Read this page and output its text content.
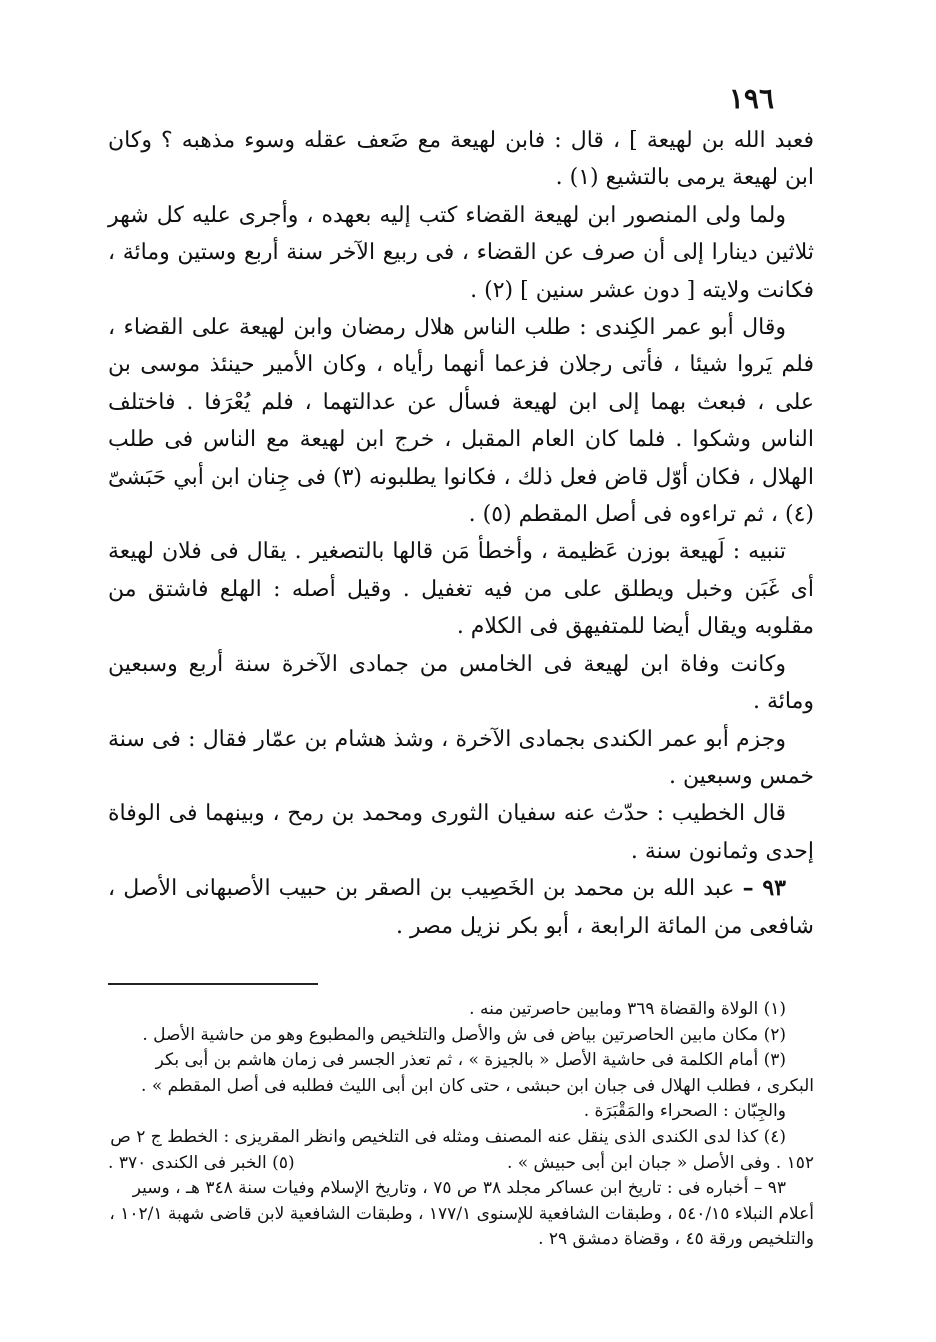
١٩٦

فعبد الله بن لهيعة ] ، قال : فابن لهيعة مع ضَعف عقله وسوء مذهبه ؟ وكان ابن لهيعة يرمى بالتشيع (١) .

ولما ولى المنصور ابن لهيعة القضاء كتب إليه بعهده ، وأجرى عليه كل شهر ثلاثين دينارا إلى أن صرف عن القضاء ، فى ربيع الآخر سنة أربع وستين ومائة ، فكانت ولايته [ دون عشر سنين ] (٢) .

وقال أبو عمر الكِندى : طلب الناس هلال رمضان وابن لهيعة على القضاء ، فلم يَروا شيئا ، فأتى رجلان فزعما أنهما رأياه ، وكان الأمير حينئذ موسى بن على ، فبعث بهما إلى ابن لهيعة فسأل عن عدالتهما ، فلم يُعْرَفا . فاختلف الناس وشكوا . فلما كان العام المقبل ، خرج ابن لهيعة مع الناس فى طلب الهلال ، فكان أوّل قاض فعل ذلك ، فكانوا يطلبونه (٣) فى جِنان ابن أبي حَبَشىّ (٤) ، ثم تراءوه فى أصل المقطم (٥) .

تنبيه : لَهيعة بوزن عَظيمة ، وأخطأ مَن قالها بالتصغير . يقال فى فلان لهيعة أى غَبَن وخبل ويطلق على من فيه تغفيل . وقيل أصله : الهلع فاشتق من مقلوبه ويقال أيضا للمتفيهق فى الكلام .

وكانت وفاة ابن لهيعة فى الخامس من جمادى الآخرة سنة أربع وسبعين ومائة .

وجزم أبو عمر الكندى بجمادى الآخرة ، وشذ هشام بن عمّار فقال : فى سنة خمس وسبعين .

قال الخطيب : حدّث عنه سفيان الثورى ومحمد بن رمح ، وبينهما فى الوفاة إحدى وثمانون سنة .

٩٣ – عبد الله بن محمد بن الخَصِيب بن الصقر بن حبيب الأصبهانى الأصل ، شافعى من المائة الرابعة ، أبو بكر نزيل مصر .

(١) الولاة والقضاة ٣٦٩ ومابين حاصرتين منه .

(٢) مكان مابين الحاصرتين بياض فى ش والأصل والتلخيص والمطبوع وهو من حاشية الأصل .

(٣) أمام الكلمة فى حاشية الأصل « بالجيزة » ، ثم تعذر الجسر فى زمان هاشم بن أبى بكر البكرى ، فطلب الهلال فى جبان ابن حبشى ، حتى كان ابن أبى الليث فطلبه فى أصل المقطم » .

والجِبّان : الصحراء والمَقْبَرَة .

(٤) كذا لدى الكندى الذى ينقل عنه المصنف ومثله فى التلخيص وانظر المقريزى : الخطط ج ٢ ص ١٥٢ . وفى الأصل « جبان ابن أبى حبيش » .

(٥) الخبر فى الكندى ٣٧٠ .

٩٣ – أخباره فى : تاريخ ابن عساكر مجلد ٣٨ ص ٧٥ ، وتاريخ الإسلام وفيات سنة ٣٤٨ هـ ، وسير أعلام النبلاء ٥٤٠/١٥ ، وطبقات الشافعية للإسنوى ١٧٧/١ ، وطبقات الشافعية لابن قاضى شهبة ١٠٢/١ ، والتلخيص ورقة ٤٥ ، وقضاة دمشق ٢٩ .
